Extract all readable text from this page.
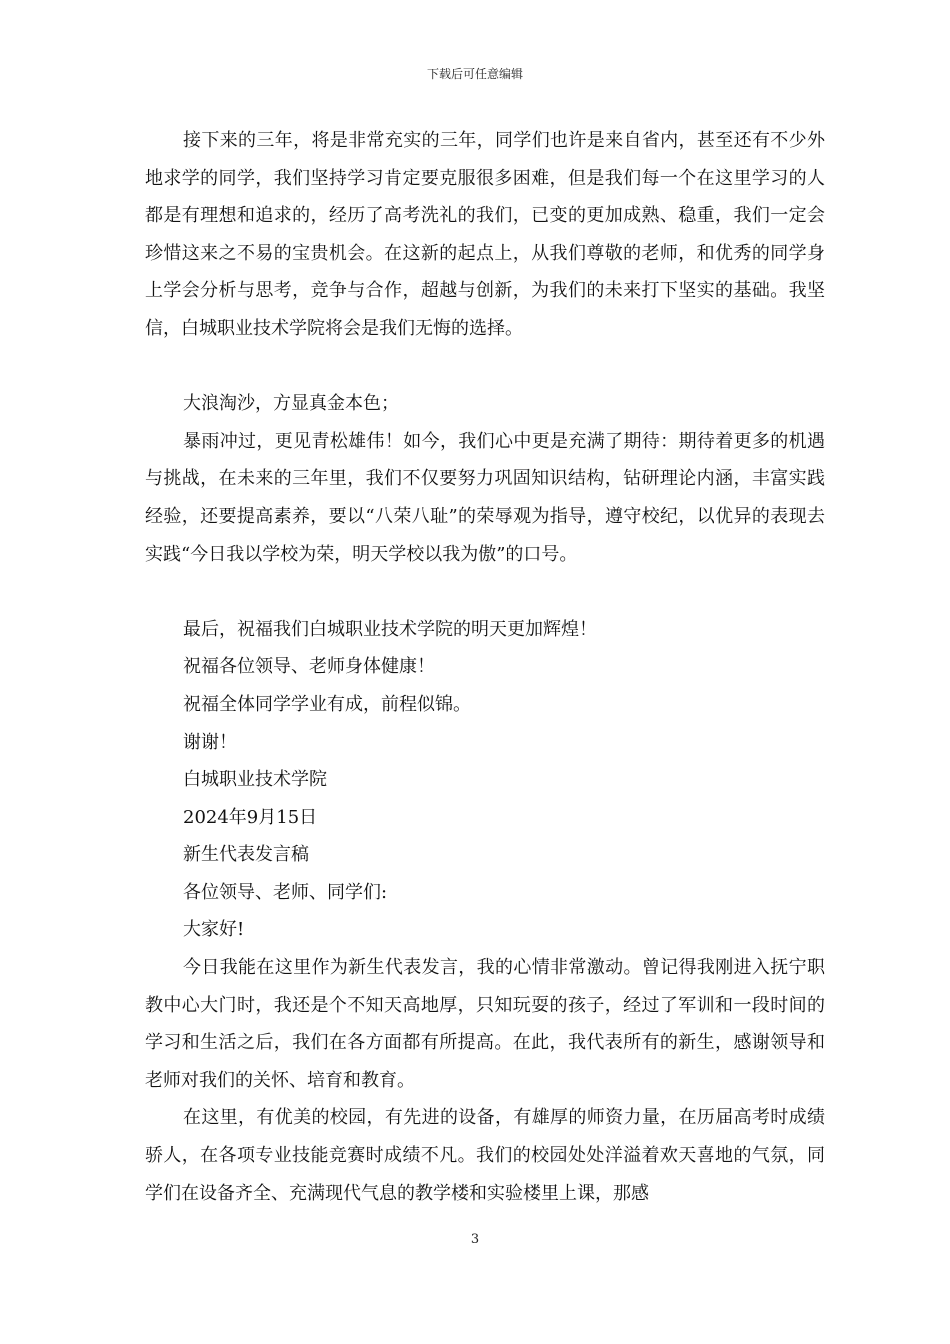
下载后可任意编辑

接下来的三年，将是非常充实的三年，同学们也许是来自省内，甚至还有不少外地求学的同学，我们坚持学习肯定要克服很多困难，但是我们每一个在这里学习的人都是有理想和追求的，经历了高考洗礼的我们，已变的更加成熟、稳重，我们一定会珍惜这来之不易的宝贵机会。在这新的起点上，从我们尊敬的老师，和优秀的同学身上学会分析与思考，竞争与合作，超越与创新，为我们的未来打下坚实的基础。我坚信，白城职业技术学院将会是我们无悔的选择。

大浪淘沙，方显真金本色；

暴雨冲过，更见青松雄伟！如今，我们心中更是充满了期待：期待着更多的机遇与挑战，在未来的三年里，我们不仅要努力巩固知识结构，钻研理论内涵，丰富实践经验，还要提高素养，要以“八荣八耻”的荣辱观为指导，遵守校纪，以优异的表现去实践“今日我以学校为荣，明天学校以我为傲”的口号。

最后，祝福我们白城职业技术学院的明天更加辉煌！

祝福各位领导、老师身体健康！

祝福全体同学学业有成，前程似锦。

谢谢！

白城职业技术学院

2024年9月15日

新生代表发言稿

各位领导、老师、同学们:

大家好!

今日我能在这里作为新生代表发言，我的心情非常激动。曾记得我刚进入抚宁职教中心大门时，我还是个不知天高地厚，只知玩耍的孩子，经过了军训和一段时间的学习和生活之后，我们在各方面都有所提高。在此，我代表所有的新生，感谢领导和老师对我们的关怀、培育和教育。

在这里，有优美的校园，有先进的设备，有雄厚的师资力量，在历届高考时成绩骄人，在各项专业技能竞赛时成绩不凡。我们的校园处处洋溢着欢天喜地的气氛，同学们在设备齐全、充满现代气息的教学楼和实验楼里上课，那感

3
